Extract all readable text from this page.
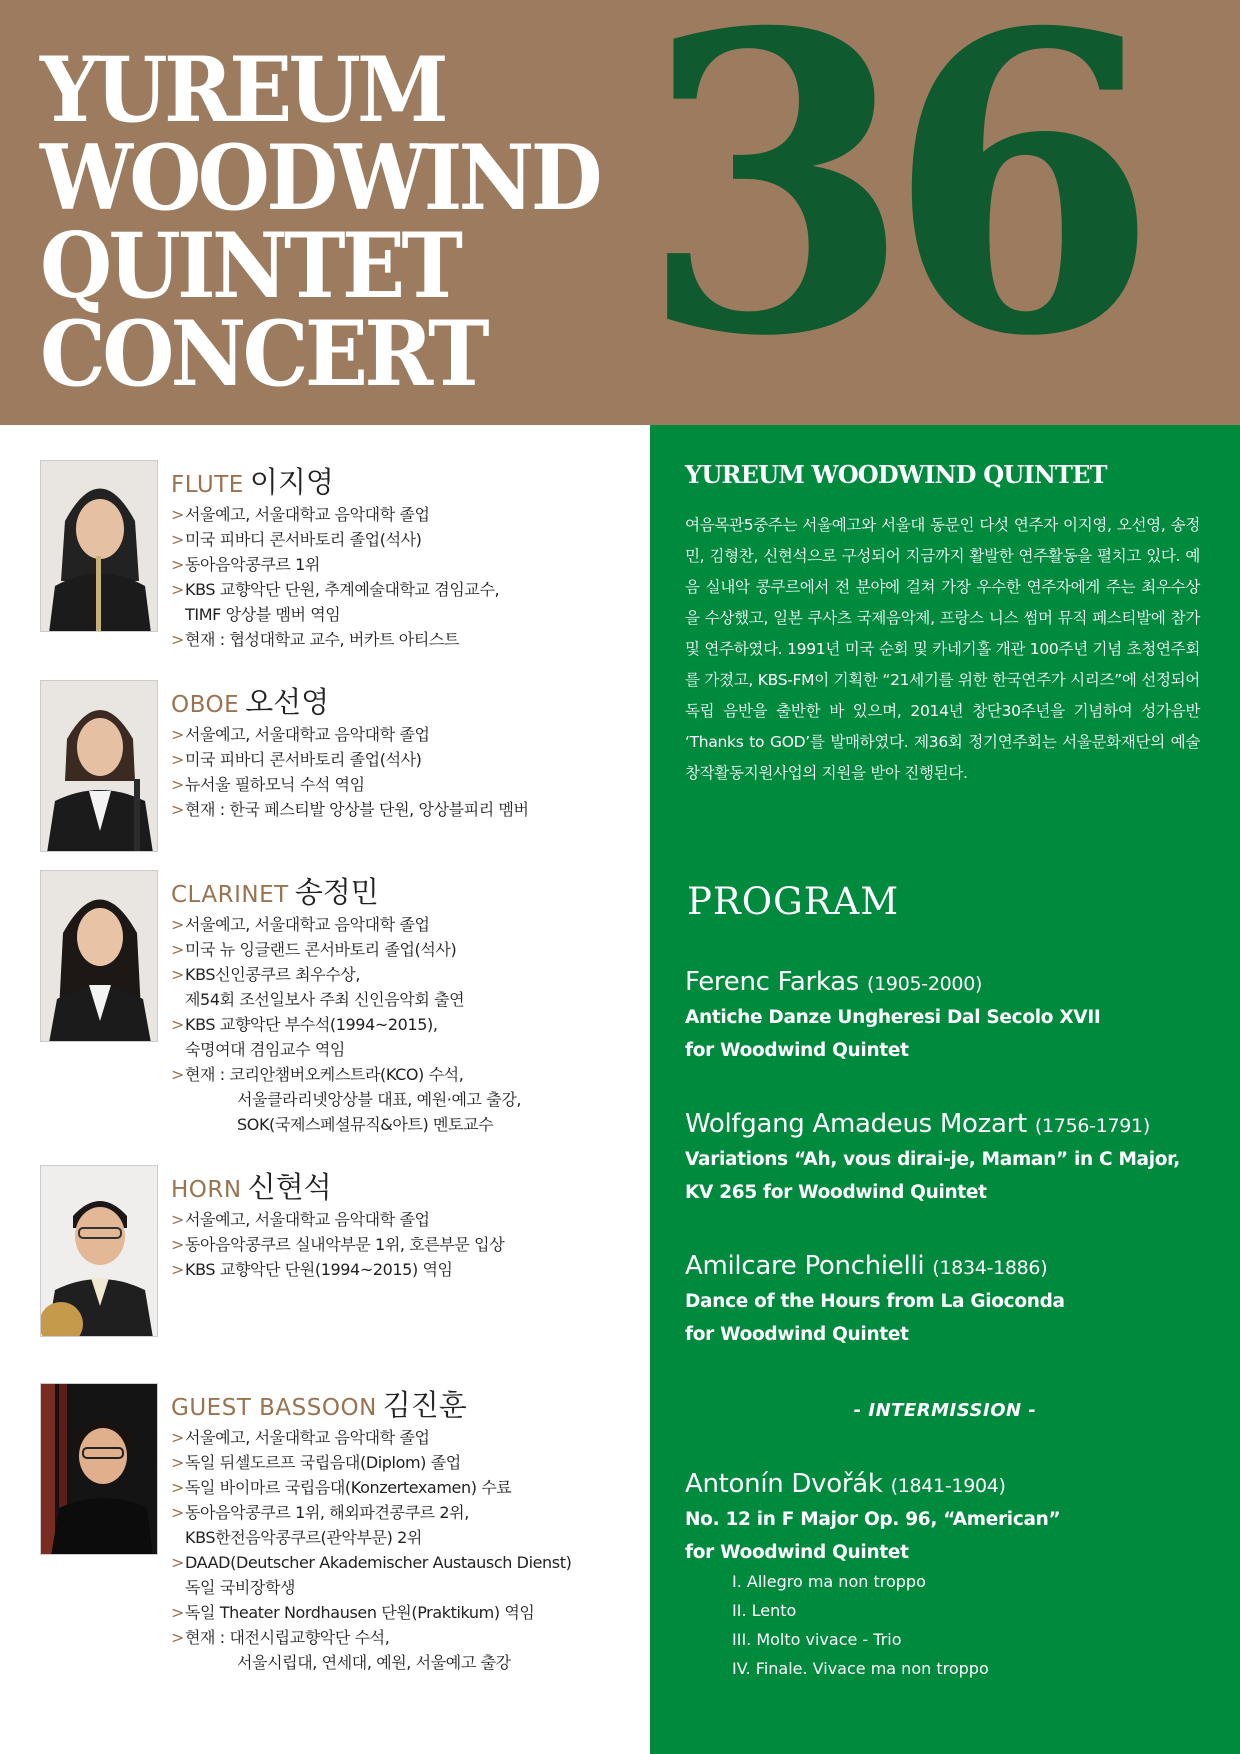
YUREUM
WOODWIND
QUINTET
CONCERT 36
FLUTE 이지영
> 서울예고, 서울대학교 음악대학 졸업
> 미국 피바디 콘서바토리 졸업(석사)
> 동아음악콩쿠르 1위
> KBS 교향악단 단원, 추계예술대학교 겸임교수,
TIMF 앙상블 멤버 역임
> 현재 : 협성대학교 교수, 버카트 아티스트
OBOE 오선영
> 서울예고, 서울대학교 음악대학 졸업
> 미국 피바디 콘서바토리 졸업(석사)
> 뉴서울 필하모닉 수석 역임
> 현재 : 한국 페스티발 앙상블 단원, 앙상블피리 멤버
CLARINET 송정민
> 서울예고, 서울대학교 음악대학 졸업
> 미국 뉴 잉글랜드 콘서바토리 졸업(석사)
> KBS신인콩쿠르 최우수상,
제54회 조선일보사 주최 신인음악회 출연
> KBS 교향악단 부수석(1994~2015),
숙명여대 겸임교수 역임
> 현재 : 코리안챔버오케스트라(KCO) 수석,
서울클라리넷앙상블 대표, 예원·예고 출강,
SOK(국제스페셜뮤직&아트) 멘토교수
HORN 신현석
> 서울예고, 서울대학교 음악대학 졸업
> 동아음악콩쿠르 실내악부문 1위, 호른부문 입상
> KBS 교향악단 단원(1994~2015) 역임
GUEST BASSOON 김진훈
> 서울예고, 서울대학교 음악대학 졸업
> 독일 뒤셀도르프 국립음대(Diplom) 졸업
> 독일 바이마르 국립음대(Konzertexamen) 수료
> 동아음악콩쿠르 1위, 해외파견콩쿠르 2위,
KBS한전음악콩쿠르(관악부문) 2위
> DAAD(Deutscher Akademischer Austausch Dienst)
독일 국비장학생
> 독일 Theater Nordhausen 단원(Praktikum) 역임
> 현재 : 대전시립교향악단 수석,
서울시립대, 연세대, 예원, 서울예고 출강
YUREUM WOODWIND QUINTET

여음목관5중주는 서울예고와 서울대 동문인 다섯 연주자 이지영, 오선영, 송정민, 김형찬, 신현석으로 구성되어 지금까지 활발한 연주활동을 펼치고 있다. 예음 실내악 콩쿠르에서 전 분야에 걸쳐 가장 우수한 연주자에게 주는 최우수상을 수상했고, 일본 쿠사츠 국제음악제, 프랑스 니스 썸머 뮤직 페스티발에 참가 및 연주하였다. 1991년 미국 순회 및 카네기홀 개관 100주년 기념 초청연주회를 가졌고, KBS-FM이 기획한 “21세기를 위한 한국연주가 시리즈”에 선정되어 독립 음반을 출반한 바 있으며, 2014년 창단30주년을 기념하여 성가음반 ‘Thanks to GOD’를 발매하였다. 제36회 정기연주회는 서울문화재단의 예술창작활동지원사업의 지원을 받아 진행된다.

PROGRAM
Ferenc Farkas (1905-2000)
Antiche Danze Ungheresi Dal Secolo XVII
for Woodwind Quintet
Wolfgang Amadeus Mozart (1756-1791)
Variations “Ah, vous dirai-je, Maman” in C Major,
KV 265 for Woodwind Quintet
Amilcare Ponchielli (1834-1886)
Dance of the Hours from La Gioconda
for Woodwind Quintet
- INTERMISSION -
Antonín Dvořák (1841-1904)
No. 12 in F Major Op. 96, “American”
for Woodwind Quintet
I. Allegro ma non troppo
II. Lento
III. Molto vivace - Trio
IV. Finale. Vivace ma non troppo
